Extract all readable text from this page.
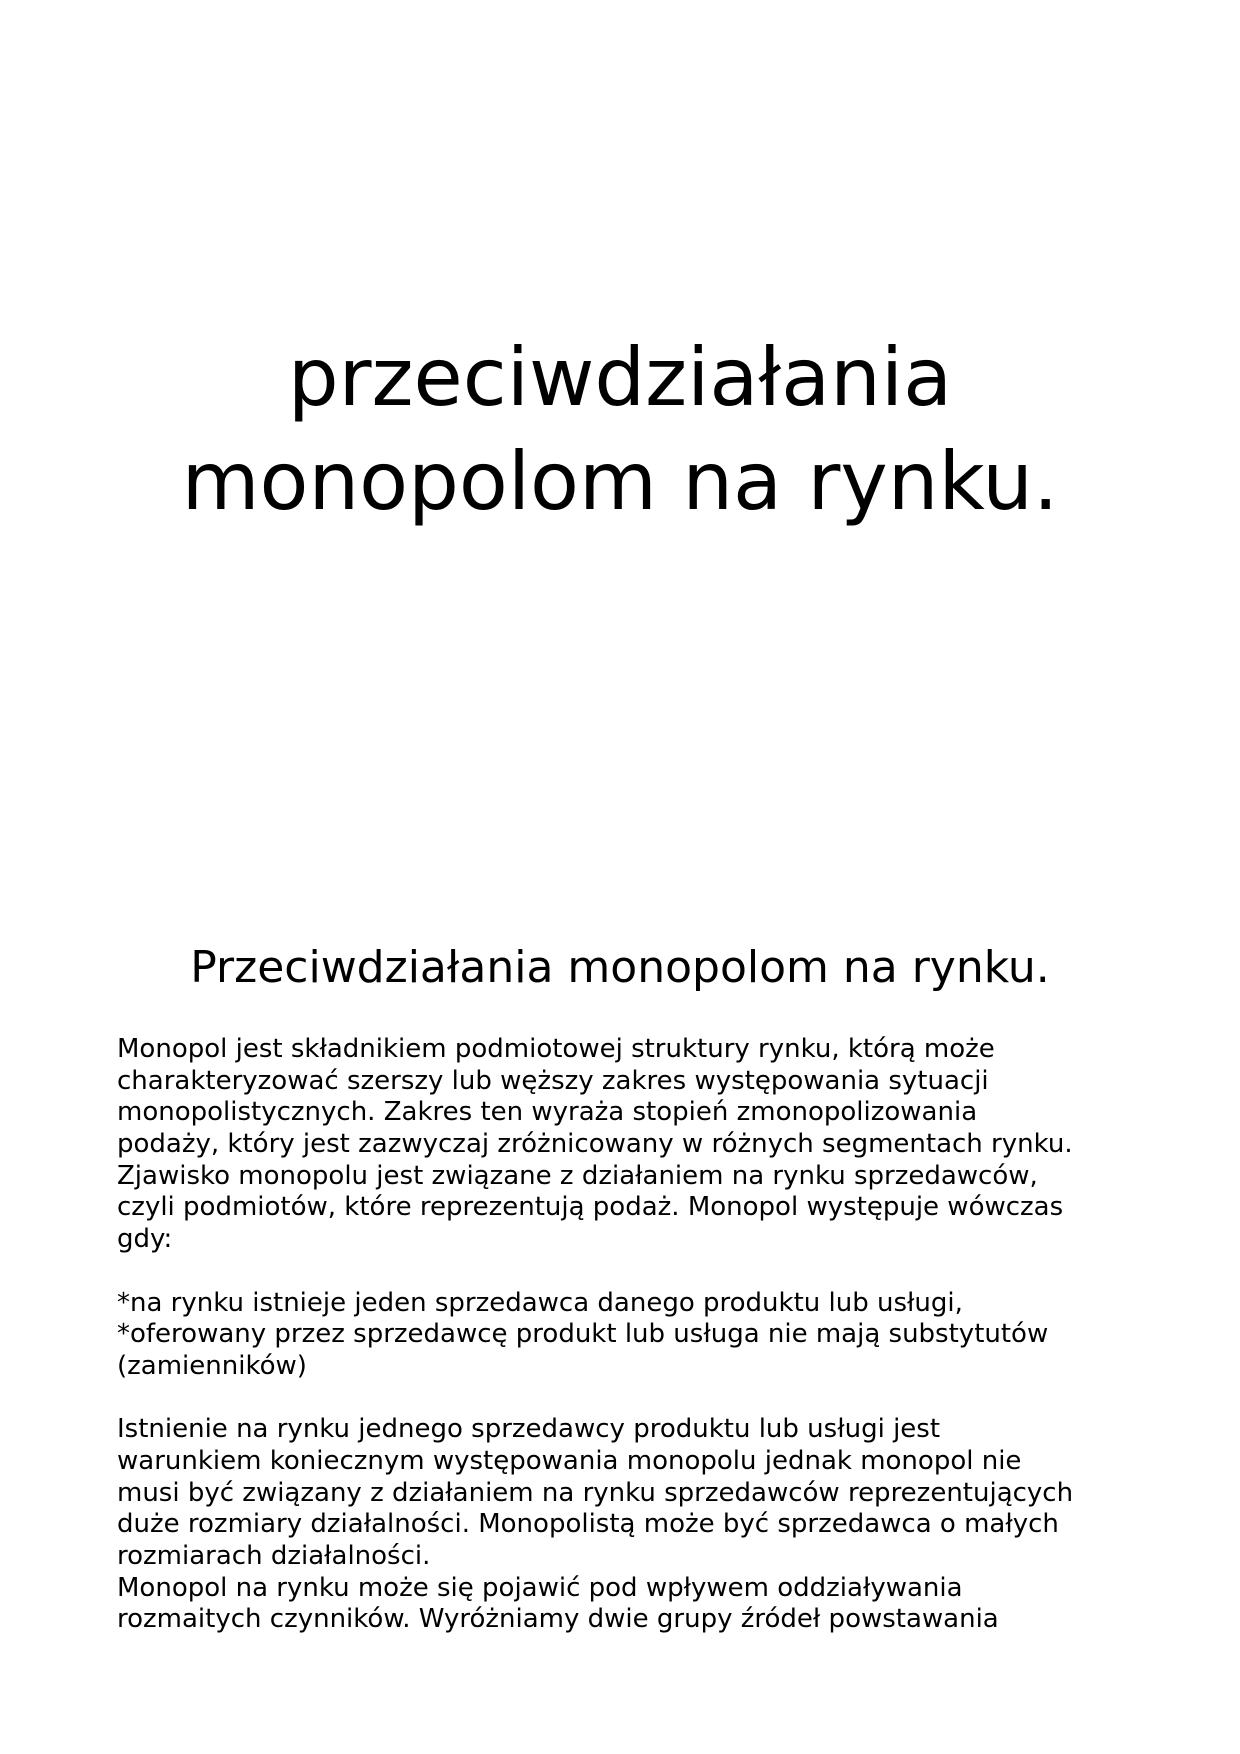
przeciwdziałania
monopolom na rynku.
Przeciwdziałania monopolom na rynku.
Monopol jest składnikiem podmiotowej struktury rynku, którą może
charakteryzować szerszy lub węższy zakres występowania sytuacji
monopolistycznych. Zakres ten wyraża stopień zmonopolizowania
podaży, który jest zazwyczaj zróżnicowany w różnych segmentach rynku.
Zjawisko monopolu jest związane z działaniem na rynku sprzedawców,
czyli podmiotów, które reprezentują podaż. Monopol występuje wówczas
gdy:
*na rynku istnieje jeden sprzedawca danego produktu lub usługi,
*oferowany przez sprzedawcę produkt lub usługa nie mają substytutów
(zamienników)
Istnienie na rynku jednego sprzedawcy produktu lub usługi jest
warunkiem koniecznym występowania monopolu jednak monopol nie
musi być związany z działaniem na rynku sprzedawców reprezentujących
duże rozmiary działalności. Monopolistą może być sprzedawca o małych
rozmiarach działalności.
Monopol na rynku może się pojawić pod wpływem oddziaływania
rozmaitych czynników. Wyróżniamy dwie grupy źródeł powstawania
